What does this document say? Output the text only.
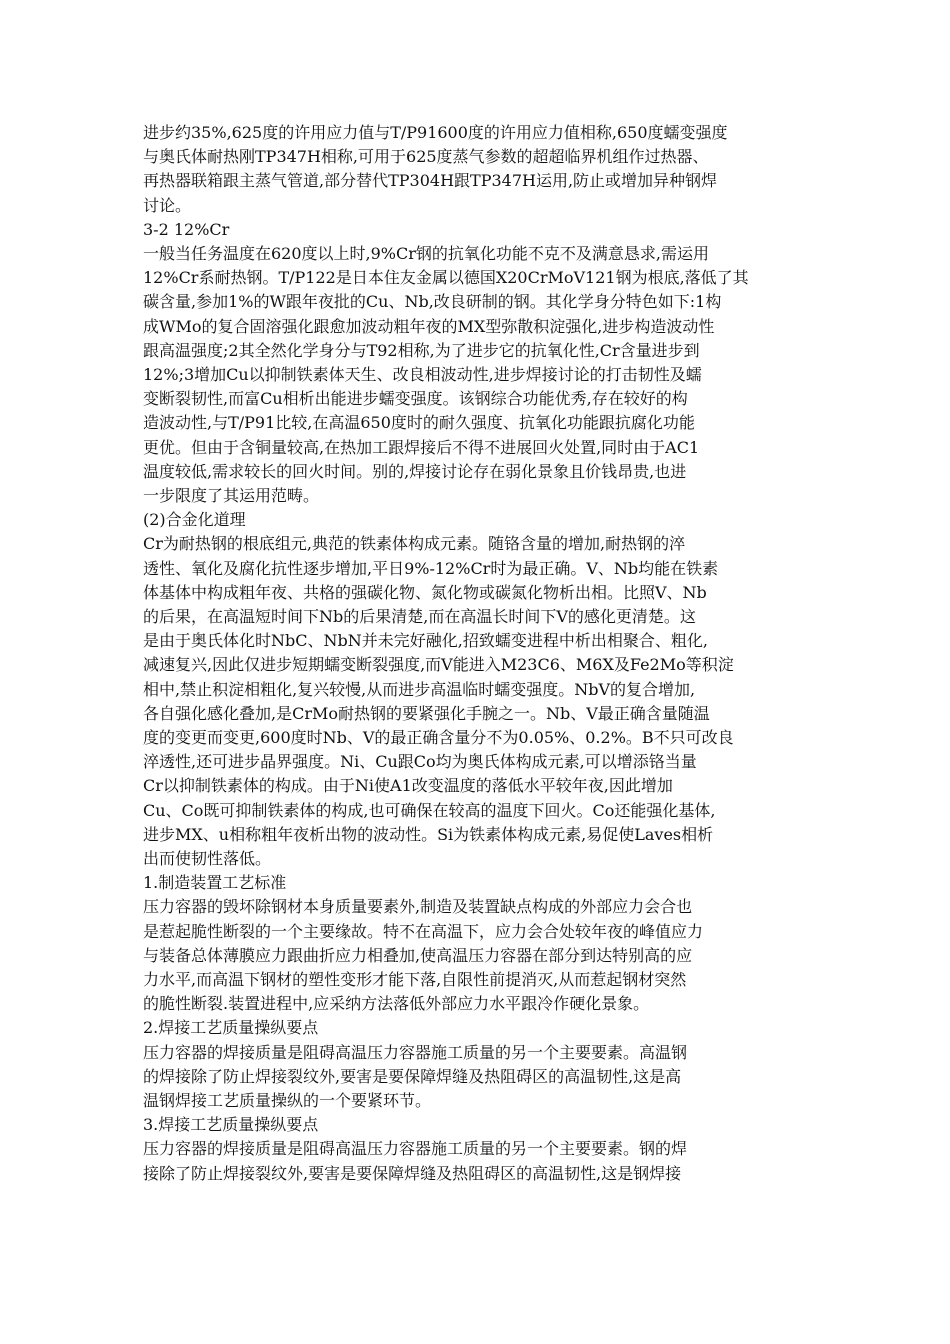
进步约35%,625度的许用应力值与T/P91600度的许用应力值相称,650度蠕变强度
与奥氏体耐热刚TP347H相称,可用于625度蒸气参数的超超临界机组作过热器、
再热器联箱跟主蒸气管道,部分替代TP304H跟TP347H运用,防止或增加异种钢焊
讨论。
3-2 12%Cr
一般当任务温度在620度以上时,9%Cr钢的抗氧化功能不克不及满意恳求,需运用
12%Cr系耐热钢。T/P122是日本住友金属以德国X20CrMoV121钢为根底,落低了其
碳含量,参加1%的W跟年夜批的Cu、Nb,改良研制的钢。其化学身分特色如下:1构
成WMo的复合固溶强化跟愈加波动粗年夜的MX型弥散积淀强化,进步构造波动性
跟高温强度;2其全然化学身分与T92相称,为了进步它的抗氧化性,Cr含量进步到
12%;3增加Cu以抑制铁素体天生、改良相波动性,进步焊接讨论的打击韧性及蠕
变断裂韧性,而富Cu相析出能进步蠕变强度。该钢综合功能优秀,存在较好的构
造波动性,与T/P91比较,在高温650度时的耐久强度、抗氧化功能跟抗腐化功能
更优。但由于含铜量较高,在热加工跟焊接后不得不进展回火处置,同时由于AC1
温度较低,需求较长的回火时间。别的,焊接讨论存在弱化景象且价钱昂贵,也进
一步限度了其运用范畴。
(2)合金化道理
Cr为耐热钢的根底组元,典范的铁素体构成元素。随铬含量的增加,耐热钢的淬
透性、氧化及腐化抗性逐步增加,平日9%-12%Cr时为最正确。V、Nb均能在铁素
体基体中构成粗年夜、共格的强碳化物、氮化物或碳氮化物析出相。比照V、Nb
的后果，在高温短时间下Nb的后果清楚,而在高温长时间下V的感化更清楚。这
是由于奥氏体化时NbC、NbN并未完好融化,招致蠕变进程中析出相聚合、粗化,
减速复兴,因此仅进步短期蠕变断裂强度,而V能进入M23C6、M6X及Fe2Mo等积淀
相中,禁止积淀相粗化,复兴较慢,从而进步高温临时蠕变强度。NbV的复合增加,
各自强化感化叠加,是CrMo耐热钢的要紧强化手腕之一。Nb、V最正确含量随温
度的变更而变更,600度时Nb、V的最正确含量分不为0.05%、0.2%。B不只可改良
淬透性,还可进步晶界强度。Ni、Cu跟Co均为奥氏体构成元素,可以增添铬当量
Cr以抑制铁素体的构成。由于Ni使A1改变温度的落低水平较年夜,因此增加
Cu、Co既可抑制铁素体的构成,也可确保在较高的温度下回火。Co还能强化基体,
进步MX、u相称粗年夜析出物的波动性。Si为铁素体构成元素,易促使Laves相析
出而使韧性落低。
1.制造装置工艺标准
压力容器的毁坏除钢材本身质量要素外,制造及装置缺点构成的外部应力会合也
是惹起脆性断裂的一个主要缘故。特不在高温下，应力会合处较年夜的峰值应力
与装备总体薄膜应力跟曲折应力相叠加,使高温压力容器在部分到达特别高的应
力水平,而高温下钢材的塑性变形才能下落,自限性前提消灭,从而惹起钢材突然
的脆性断裂.装置进程中,应采纳方法落低外部应力水平跟冷作硬化景象。
2.焊接工艺质量操纵要点
压力容器的焊接质量是阻碍高温压力容器施工质量的另一个主要要素。高温钢
的焊接除了防止焊接裂纹外,要害是要保障焊缝及热阻碍区的高温韧性,这是高
温钢焊接工艺质量操纵的一个要紧环节。
3.焊接工艺质量操纵要点
压力容器的焊接质量是阻碍高温压力容器施工质量的另一个主要要素。钢的焊
接除了防止焊接裂纹外,要害是要保障焊缝及热阻碍区的高温韧性,这是钢焊接
